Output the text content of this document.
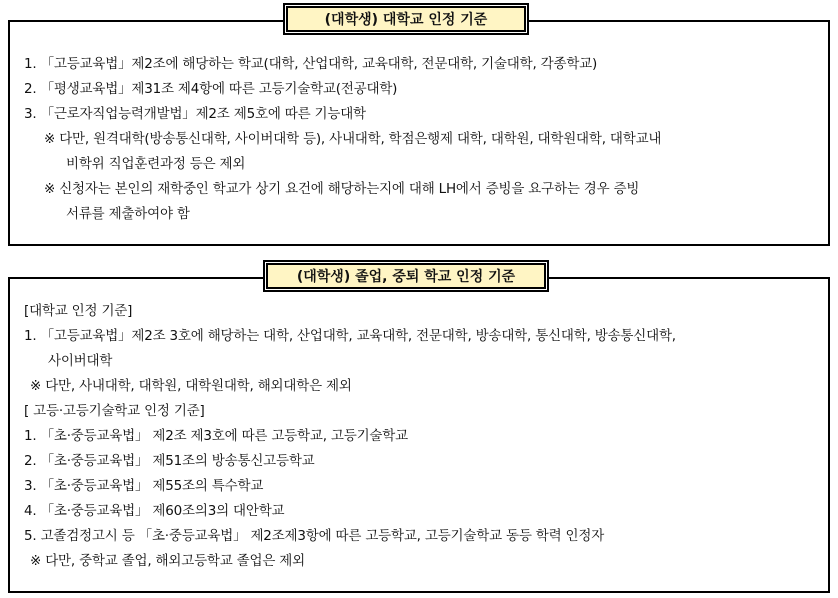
1. 「고등교육법」제2조에 해당하는 학교(대학, 산업대학, 교육대학, 전문대학, 기술대학, 각종학교)
2. 「평생교육법」제31조 제4항에 따른 고등기술학교(전공대학)
3. 「근로자직업능력개발법」제2조 제5호에 따른 기능대학
※ 다만, 원격대학(방송통신대학, 사이버대학 등), 사내대학, 학점은행제 대학, 대학원, 대학원대학, 대학교내
비학위 직업훈련과정 등은 제외
※ 신청자는 본인의 재학중인 학교가 상기 요건에 해당하는지에 대해 LH에서 증빙을 요구하는 경우 증빙
서류를 제출하여야 함
(대학생) 대학교 인정 기준
[대학교 인정 기준]
1. 「고등교육법」제2조 3호에 해당하는 대학, 산업대학, 교육대학, 전문대학, 방송대학, 통신대학, 방송통신대학,
사이버대학
※ 다만, 사내대학, 대학원, 대학원대학, 해외대학은 제외
[ 고등·고등기술학교 인정 기준]
1. 「초·중등교육법」 제2조 제3호에 따른 고등학교, 고등기술학교
2. 「초·중등교육법」 제51조의 방송통신고등학교
3. 「초·중등교육법」 제55조의 특수학교
4. 「초·중등교육법」 제60조의3의 대안학교
5. 고졸검정고시 등 「초·중등교육법」 제2조제3항에 따른 고등학교, 고등기술학교 동등 학력 인정자
※ 다만, 중학교 졸업, 해외고등학교 졸업은 제외
(대학생) 졸업, 중퇴 학교 인정 기준
